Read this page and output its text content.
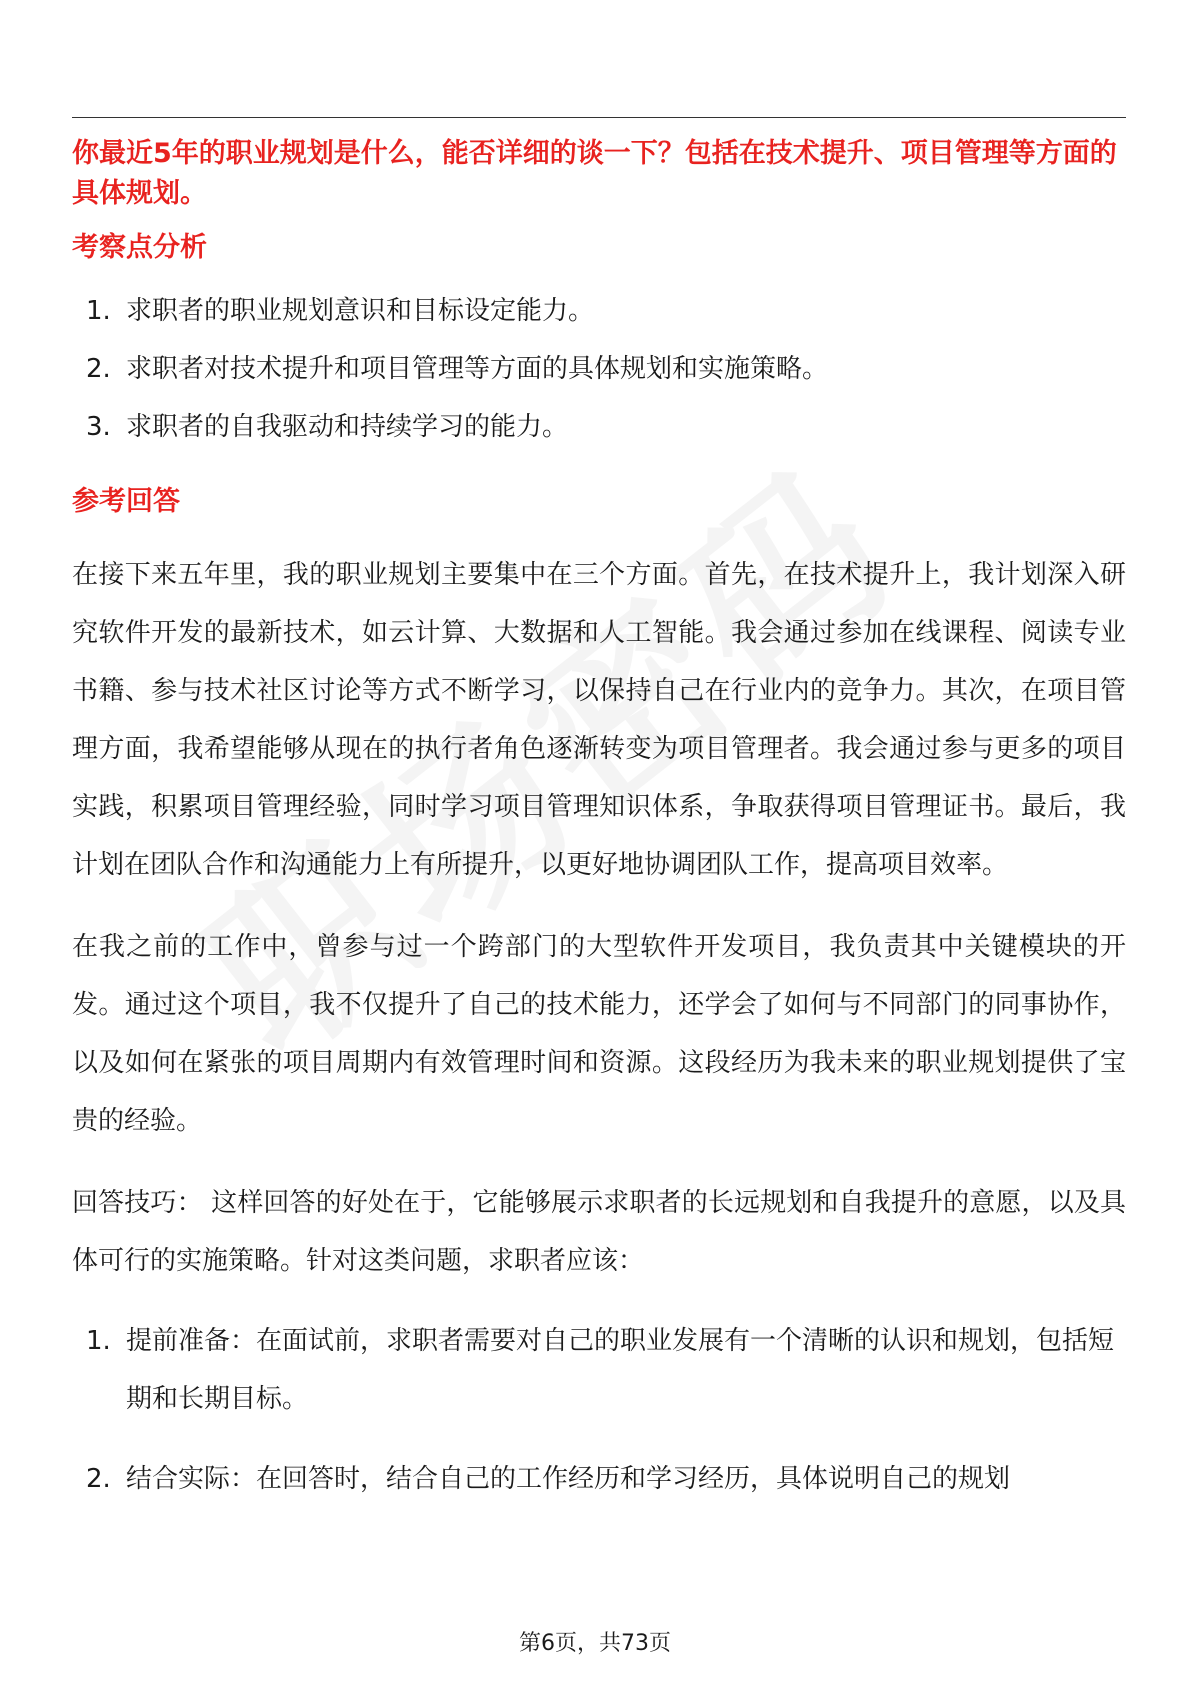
你最近5年的职业规划是什么，能否详细的谈一下？包括在技术提升、项目管理等方面的具体规划。

考察点分析

1. 求职者的职业规划意识和目标设定能力。
2. 求职者对技术提升和项目管理等方面的具体规划和实施策略。
3. 求职者的自我驱动和持续学习的能力。

参考回答

在接下来五年里，我的职业规划主要集中在三个方面。首先，在技术提升上，我计划深入研究软件开发的最新技术，如云计算、大数据和人工智能。我会通过参加在线课程、阅读专业书籍、参与技术社区讨论等方式不断学习，以保持自己在行业内的竞争力。其次，在项目管理方面，我希望能够从现在的执行者角色逐渐转变为项目管理者。我会通过参与更多的项目实践，积累项目管理经验，同时学习项目管理知识体系，争取获得项目管理证书。最后，我计划在团队合作和沟通能力上有所提升，以更好地协调团队工作，提高项目效率。

在我之前的工作中，曾参与过一个跨部门的大型软件开发项目，我负责其中关键模块的开发。通过这个项目，我不仅提升了自己的技术能力，还学会了如何与不同部门的同事协作，以及如何在紧张的项目周期内有效管理时间和资源。这段经历为我未来的职业规划提供了宝贵的经验。

回答技巧： 这样回答的好处在于，它能够展示求职者的长远规划和自我提升的意愿，以及具体可行的实施策略。针对这类问题，求职者应该：

1. 提前准备：在面试前，求职者需要对自己的职业发展有一个清晰的认识和规划，包括短期和长期目标。
2. 结合实际：在回答时，结合自己的工作经历和学习经历，具体说明自己的规划
第6页，共73页
